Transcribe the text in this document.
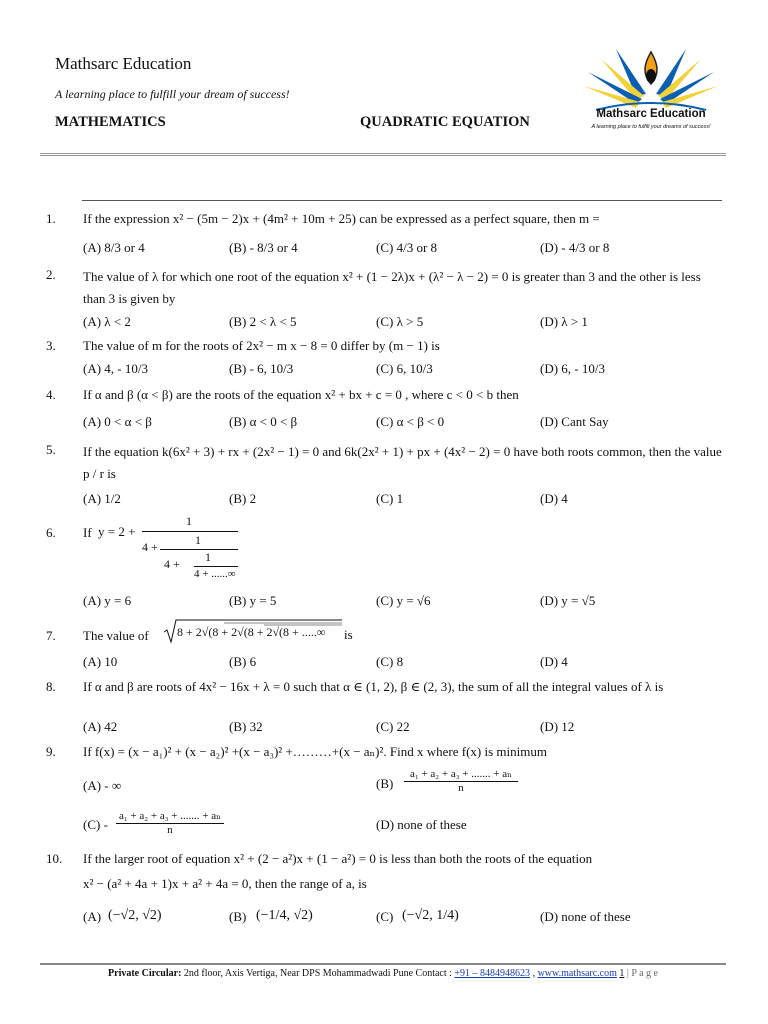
Mathsarc Education
A learning place to fulfill your dream of success!
MATHEMATICS	QUADRATIC EQUATION	Mathsarc Education
A learning place to fulfill your dreams of success!
1. If the expression x² − (5m − 2)x + (4m² + 10m + 25) can be expressed as a perfect square, then m =
(A) 8/3 or 4	(B) - 8/3 or 4	(C) 4/3 or 8	(D) - 4/3 or 8
2. The value of λ for which one root of the equation x² + (1 − 2λ)x + (λ² − λ − 2) = 0 is greater than 3 and the other is less than 3 is given by
(A) λ < 2	(B) 2 < λ < 5	(C) λ > 5	(D) λ > 1
3. The value of m for the roots of 2x² − m x − 8 = 0 differ by (m − 1) is
(A) 4, - 10/3	(B) - 6, 10/3	(C) 6, 10/3	(D) 6, - 10/3
4. If α and β (α < β) are the roots of the equation x² + bx + c = 0 , where c < 0 < b then
(A) 0 < α < β	(B) α < 0 < β	(C) α < β < 0	(D) Cant Say
5. If the equation k(6x² + 3) + rx + (2x² − 1) = 0 and 6k(2x² + 1) + px + (4x² − 2) = 0 have both roots common, then the value p / r is
(A) 1/2	(B) 2	(C) 1	(D) 4
6. If y = 2 +
1
4 +	1
4 + 1
4 + ......∞
(A) y = 6	(B) y = 5	(C) y = √6	(D) y = √5
7. The value of	8 + 2√(8 + 2√(8 + 2√(8 + .....∞ is
(A) 10	(B) 6	(C) 8	(D) 4
8. If α and β are roots of 4x² − 16x + λ = 0 such that α ∈ (1, 2), β ∈ (2, 3), the sum of all the integral values of λ is
(A) 42	(B) 32	(C) 22	(D) 12
9. If f(x) = (x − a₁)² + (x − a₂)² +(x − a₃)² +………+(x − aₙ)². Find x where f(x) is minimum
(A) - ∞	$(B) \frac{\text{a₁ + a₂ + a₃ + ....... + aₙ}}{n}$
$(C) - \frac{\text{a₁ + a₂ + a₃ + ....... + aₙ}}{n}$	(D) none of these
10. If the larger root of equation x² + (2 − a²)x + (1 − a²) = 0 is less than both the roots of the equation
x² − (a² + 4a + 1)x + a² + 4a = 0, then the range of a, is
(A) (−√2, √2)	(B) (−1/4, √2)	(C) (−√2, 1/4)	(D) none of these
Private Circular: 2nd floor, Axis Vertiga, Near DPS Mohammadwadi Pune Contact : +91 – 8484948623 , www.mathsarc.com 1 | P a g e
